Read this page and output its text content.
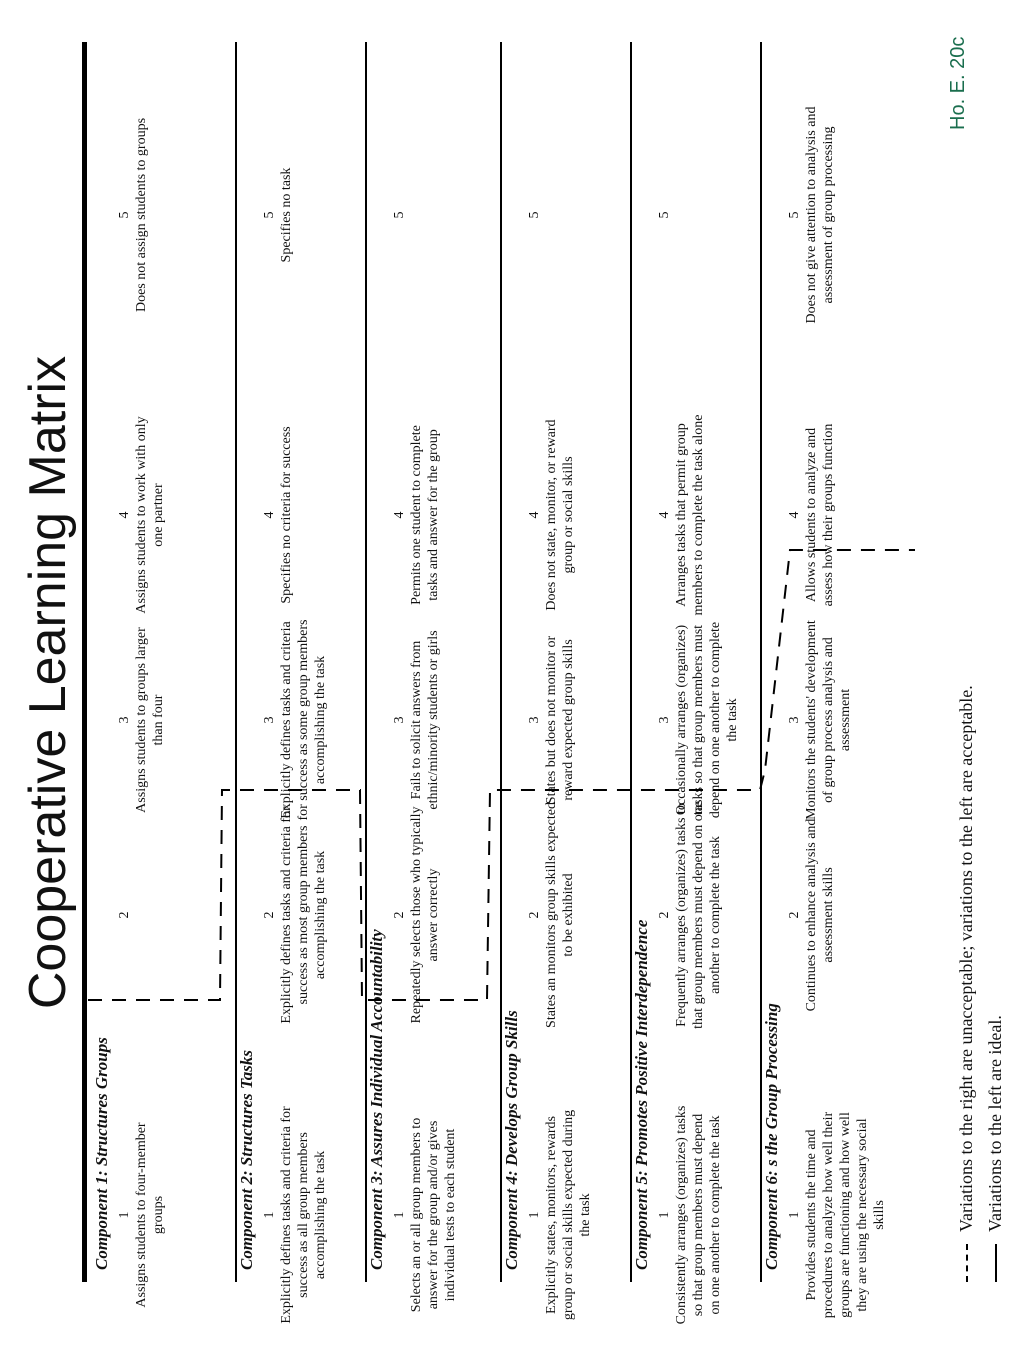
Cooperative Learning Matrix
Component 1: Structures Groups 1 Assigns students to four-member groups
2
3 Assigns students to groups larger than four
4 Assigns students to work with only one partner
5 Does not assign students to groups
Component 2: Structures Tasks 1 Explicitly defines tasks and criteria for success as all group members accomplishing the task
2 Explicitly defines tasks and criteria for success as most group members accomplishing the task
3 Explicitly defines tasks and criteria for success as some group members accomplishing the task
4 Specifies no criteria for success
5 Specifies no task
Component 3: Assures Individual Accountability 1 Selects an or all group members to answer for the group and/or gives individual tests to each student
2 Repeatedly selects those who typically answer correctly
3 Fails to solicit answers from ethnic/minority students or girls
4 Permits one student to complete tasks and answer for the group
5
Component 4: Develops Group Skills 1 Explicitly states, monitors, rewards group or social skills expected during the task
2 States an monitors group skills expected to be exhibited
3 States but does not monitor or reward expected group skills
4 Does not state, monitor, or reward group or social skills
5
Component 5: Promotes Positive Interdependence 1 Consistently arranges (organizes) tasks so that group members must depend on one another to complete the task
2 Frequently arranges (organizes) tasks to that group members must depend on one another to complete the task
3 Occasionally arranges (organizes) tasks so that group members must depend on one another to complete the task
4 Arranges tasks that permit group members to complete the task alone
5
Component 6: s the Group Processing 1 Provides students the time and procedures to analyze how well their groups are functioning and how well they are using the necessary social skills
2 Continues to enhance analysis and assessment skills
3 Monitors the students' development of group process analysis and assessment
4 Allows students to analyze and assess how their groups function
5 Does not give attention to analysis and assessment of group processing
Variations to the right are unacceptable; variations to the left are acceptable. Variations to the left are ideal.
Ho. E. 20c
